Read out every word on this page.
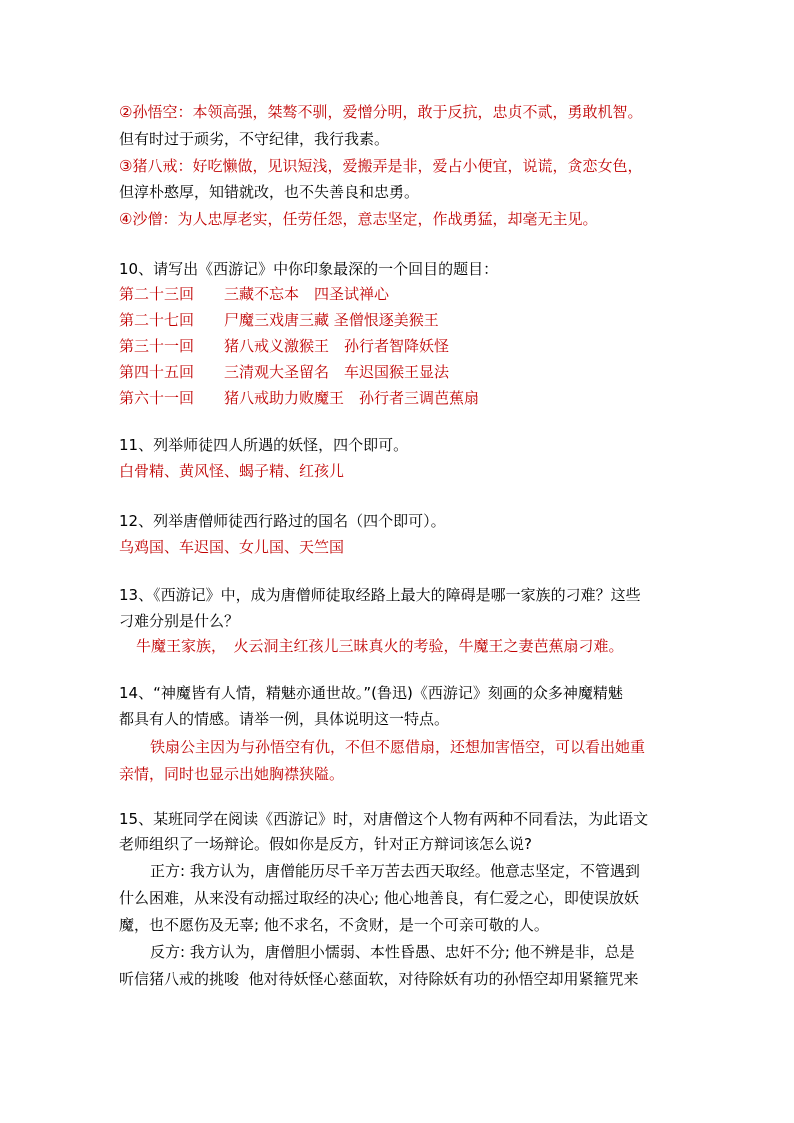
②孙悟空：本领高强，桀骜不驯，爱憎分明，敢于反抗，忠贞不贰，勇敢机智。
但有时过于顽劣，不守纪律，我行我素。
③猪八戒：好吃懒做，见识短浅，爱搬弄是非，爱占小便宜，说谎，贪恋女色，
但淳朴憨厚，知错就改，也不失善良和忠勇。
④沙僧：为人忠厚老实，任劳任怨，意志坚定，作战勇猛，却毫无主见。
10、请写出《西游记》中你印象最深的一个回目的题目：
第二十三回　　三藏不忘本　四圣试禅心
第二十七回　　尸魔三戏唐三藏 圣僧恨逐美猴王
第三十一回　　猪八戒义激猴王　孙行者智降妖怪
第四十五回　　三清观大圣留名　车迟国猴王显法
第六十一回　　猪八戒助力败魔王　孙行者三调芭蕉扇
11、列举师徒四人所遇的妖怪，四个即可。
白骨精、黄风怪、蝎子精、红孩儿
12、列举唐僧师徒西行路过的国名（四个即可）。
乌鸡国、车迟国、女儿国、天竺国
13、《西游记》中，成为唐僧师徒取经路上最大的障碍是哪一家族的刁难？这些
刁难分别是什么？
牛魔王家族，　火云洞主红孩儿三昧真火的考验，牛魔王之妻芭蕉扇刁难。
14、“神魔皆有人情，精魅亦通世故。”(鲁迅)《西游记》刻画的众多神魔精魅
都具有人的情感。请举一例，具体说明这一特点。
铁扇公主因为与孙悟空有仇，不但不愿借扇，还想加害悟空，可以看出她重
亲情，同时也显示出她胸襟狭隘。
15、某班同学在阅读《西游记》时，对唐僧这个人物有两种不同看法，为此语文
老师组织了一场辩论。假如你是反方，针对正方辩词该怎么说?
正方: 我方认为，唐僧能历尽千辛万苦去西天取经。他意志坚定，不管遇到
什么困难，从来没有动摇过取经的决心; 他心地善良，有仁爱之心，即使误放妖
魔，也不愿伤及无辜; 他不求名，不贪财，是一个可亲可敬的人。
反方: 我方认为，唐僧胆小懦弱、本性昏愚、忠奸不分; 他不辨是非，总是
听信猪八戒的挑唆  他对待妖怪心慈面软，对待除妖有功的孙悟空却用紧箍咒来
